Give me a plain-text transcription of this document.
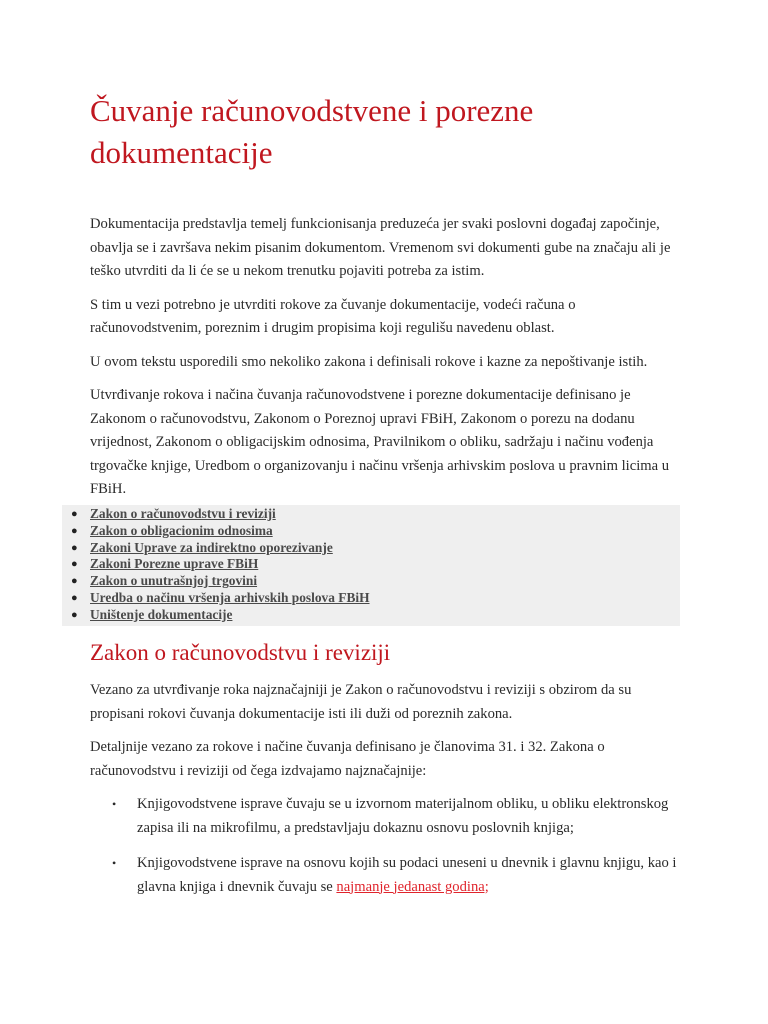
Čuvanje računovodstvene i porezne dokumentacije

Dokumentacija predstavlja temelj funkcionisanja preduzeća jer svaki poslovni događaj započinje, obavlja se i završava nekim pisanim dokumentom. Vremenom svi dokumenti gube na značaju ali je teško utvrditi da li će se u nekom trenutku pojaviti potreba za istim.

S tim u vezi potrebno je utvrditi rokove za čuvanje dokumentacije, vodeći računa o računovodstvenim, poreznim i drugim propisima koji regulišu navedenu oblast.

U ovom tekstu usporedili smo nekoliko zakona i definisali rokove i kazne za nepoštivanje istih.

Utvrđivanje rokova i načina čuvanja računovodstvene i porezne dokumentacije definisano je Zakonom o računovodstvu, Zakonom o Poreznoj upravi FBiH, Zakonom o porezu na dodanu vrijednost, Zakonom o obligacijskim odnosima, Pravilnikom o obliku, sadržaju i načinu vođenja trgovačke knjige, Uredbom o organizovanju i načinu vršenja arhivskim poslova u pravnim licima u FBiH.

● Zakon o računovodstvu i reviziji
● Zakon o obligacionim odnosima
● Zakoni Uprave za indirektno oporezivanje
● Zakoni Porezne uprave FBiH
● Zakon o unutrašnjoj trgovini
● Uredba o načinu vršenja arhivskih poslova FBiH
● Uništenje dokumentacije
Zakon o računovodstvu i reviziji

Vezano za utvrđivanje roka najznačajniji je Zakon o računovodstvu i reviziji s obzirom da su propisani rokovi čuvanja dokumentacije isti ili duži od poreznih zakona.

Detaljnije vezano za rokove i načine čuvanja definisano je članovima 31. i 32. Zakona o računovodstvu i reviziji od čega izdvajamo najznačajnije:

• Knjigovodstvene isprave čuvaju se u izvornom materijalnom obliku, u obliku elektronskog zapisa ili na mikrofilmu, a predstavljaju dokaznu osnovu poslovnih knjiga;
• Knjigovodstvene isprave na osnovu kojih su podaci uneseni u dnevnik i glavnu knjigu, kao i glavna knjiga i dnevnik čuvaju se najmanje jedanast godina;
